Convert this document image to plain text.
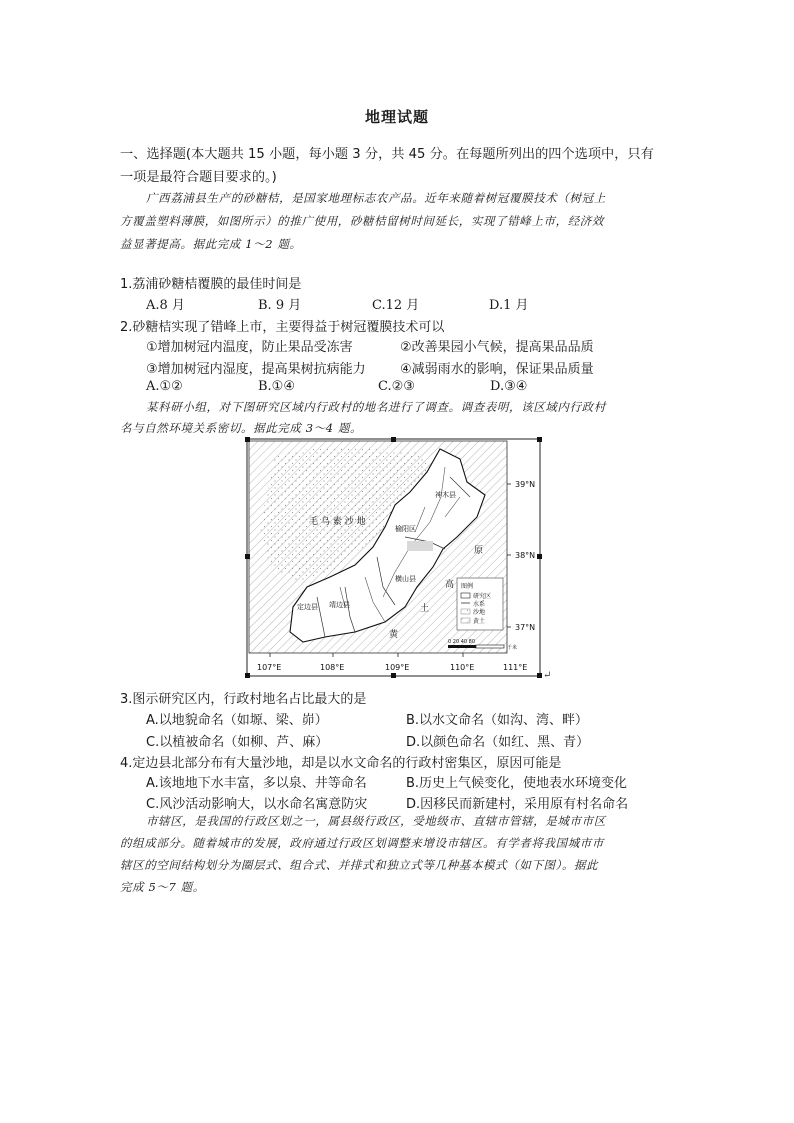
地理试题
一、选择题(本大题共 15 小题，每小题 3 分，共 45 分。在每题所列出的四个选项中，只有
一项是最符合题目要求的。)
广西荔浦县生产的砂糖桔，是国家地理标志农产品。近年来随着树冠覆膜技术（树冠上
方覆盖塑料薄膜，如图所示）的推广使用，砂糖桔留树时间延长，实现了错峰上市，经济效
益显著提高。据此完成 1～2 题。
1.荔浦砂糖桔覆膜的最佳时间是
A.8 月	B. 9 月	C.12 月	D.1 月
2.砂糖桔实现了错峰上市，主要得益于树冠覆膜技术可以
①增加树冠内温度，防止果品受冻害	②改善果园小气候，提高果品品质
③增加树冠内湿度，提高果树抗病能力	④减弱雨水的影响，保证果品质量
A.①②	B.①④	C.②③	D.③④
某科研小组，对下图研究区域内行政村的地名进行了调查。调查表明，该区域内行政村
名与自然环境关系密切。据此完成 3～4 题。
39°N
38°N
37°N
107°E	108°E	109°E	110°E	111°E
毛 乌 素 沙 地
神木县
榆阳区
原
横山县
高
土
定边县 靖边县
黄
图例
研究区
水系
沙地
黄土
0 20 40 80
千米
↵
3.图示研究区内，行政村地名占比最大的是
A.以地貌命名（如塬、梁、峁）	B.以水文命名（如沟、湾、畔）
C.以植被命名（如柳、芦、麻）	D.以颜色命名（如红、黑、青）
4.定边县北部分布有大量沙地，却是以水文命名的行政村密集区，原因可能是
A.该地地下水丰富，多以泉、井等命名	B.历史上气候变化，使地表水环境变化
C.风沙活动影响大，以水命名寓意防灾	D.因移民而新建村，采用原有村名命名
市辖区，是我国的行政区划之一，属县级行政区，受地级市、直辖市管辖，是城市市区
的组成部分。随着城市的发展，政府通过行政区划调整来增设市辖区。有学者将我国城市市
辖区的空间结构划分为圈层式、组合式、并排式和独立式等几种基本模式（如下图）。据此
完成 5～7 题。
